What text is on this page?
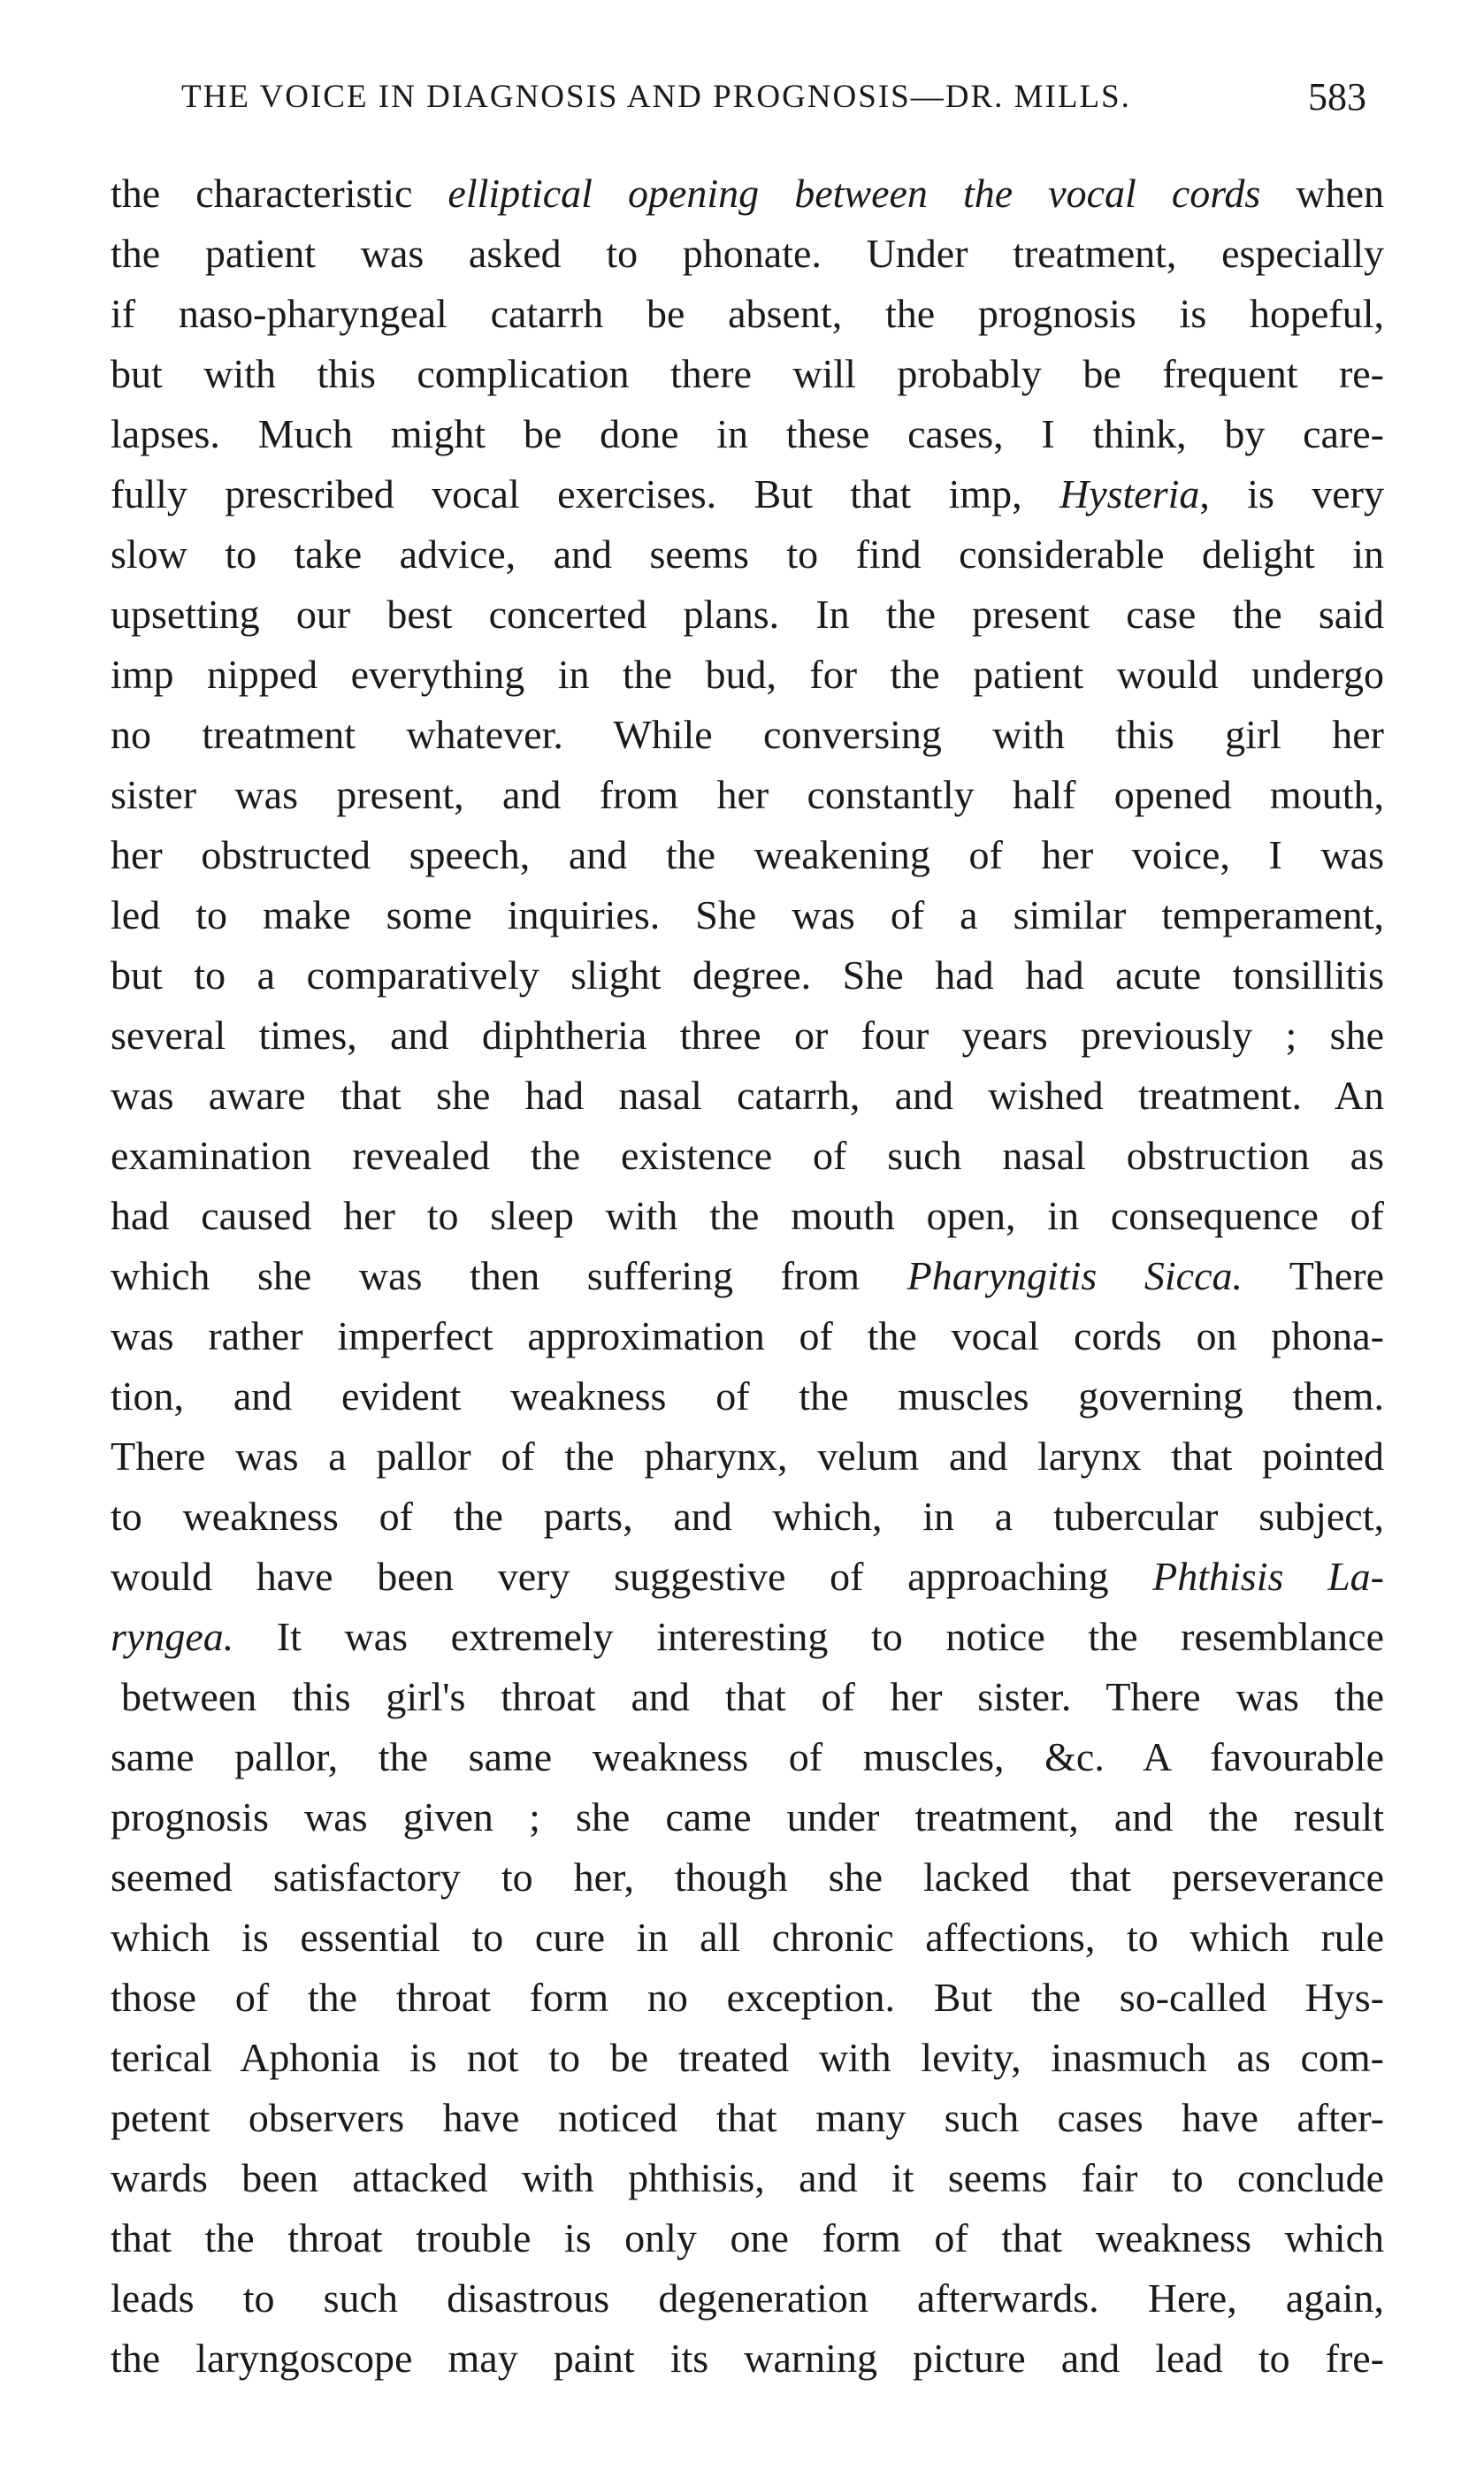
THE VOICE IN DIAGNOSIS AND PROGNOSIS—DR. MILLS.	583
the characteristic elliptical opening between the vocal cords when
the patient was asked to phonate. Under treatment, especially
if naso-pharyngeal catarrh be absent, the prognosis is hopeful,
but with this complication there will probably be frequent re-
lapses. Much might be done in these cases, I think, by care-
fully prescribed vocal exercises. But that imp, Hysteria, is very
slow to take advice, and seems to find considerable delight in
upsetting our best concerted plans. In the present case the said
imp nipped everything in the bud, for the patient would undergo
no treatment whatever. While conversing with this girl her
sister was present, and from her constantly half opened mouth,
her obstructed speech, and the weakening of her voice, I was
led to make some inquiries. She was of a similar temperament,
but to a comparatively slight degree. She had had acute tonsillitis
several times, and diphtheria three or four years previously ; she
was aware that she had nasal catarrh, and wished treatment. An
examination revealed the existence of such nasal obstruction as
had caused her to sleep with the mouth open, in consequence of
which she was then suffering from Pharyngitis Sicca. There
was rather imperfect approximation of the vocal cords on phona-
tion, and evident weakness of the muscles governing them.
There was a pallor of the pharynx, velum and larynx that pointed
to weakness of the parts, and which, in a tubercular subject,
would have been very suggestive of approaching Phthisis La-
ryngea. It was extremely interesting to notice the resemblance
between this girl's throat and that of her sister. There was the
same pallor, the same weakness of muscles, &c. A favourable
prognosis was given ; she came under treatment, and the result
seemed satisfactory to her, though she lacked that perseverance
which is essential to cure in all chronic affections, to which rule
those of the throat form no exception. But the so-called Hys-
terical Aphonia is not to be treated with levity, inasmuch as com-
petent observers have noticed that many such cases have after-
wards been attacked with phthisis, and it seems fair to conclude
that the throat trouble is only one form of that weakness which
leads to such disastrous degeneration afterwards. Here, again,
the laryngoscope may paint its warning picture and lead to fre-
